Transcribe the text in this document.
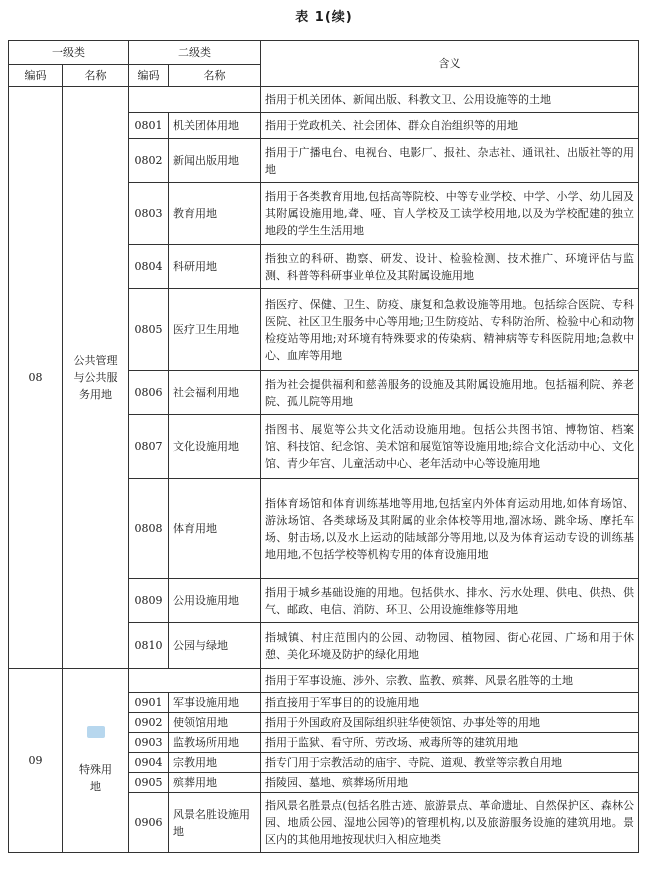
表 1(续)
一级类		二级类		含义
编码	名称	编码	名称	
08	公共管理与公共服务用地			指用于机关团体、新闻出版、科教文卫、公用设施等的土地
		0801	机关团体用地	指用于党政机关、社会团体、群众自治组织等的用地
		0802	新闻出版用地	指用于广播电台、电视台、电影厂、报社、杂志社、通讯社、出版社等的用地
		0803	教育用地	指用于各类教育用地,包括高等院校、中等专业学校、中学、小学、幼儿园及其附属设施用地,聋、哑、盲人学校及工读学校用地,以及为学校配建的独立地段的学生生活用地
		0804	科研用地	指独立的科研、勘察、研发、设计、检验检测、技术推广、环境评估与监测、科普等科研事业单位及其附属设施用地
		0805	医疗卫生用地	指医疗、保健、卫生、防疫、康复和急救设施等用地。包括综合医院、专科医院、社区卫生服务中心等用地;卫生防疫站、专科防治所、检验中心和动物检疫站等用地;对环境有特殊要求的传染病、精神病等专科医院用地;急救中心、血库等用地
		0806	社会福利用地	指为社会提供福利和慈善服务的设施及其附属设施用地。包括福利院、养老院、孤儿院等用地
		0807	文化设施用地	指图书、展览等公共文化活动设施用地。包括公共图书馆、博物馆、档案馆、科技馆、纪念馆、美术馆和展览馆等设施用地;综合文化活动中心、文化馆、青少年宫、儿童活动中心、老年活动中心等设施用地
		0808	体育用地	指体育场馆和体育训练基地等用地,包括室内外体育运动用地,如体育场馆、游泳场馆、各类球场及其附属的业余体校等用地,溜冰场、跳伞场、摩托车场、射击场,以及水上运动的陆域部分等用地,以及为体育运动专设的训练基地用地,不包括学校等机构专用的体育设施用地
		0809	公用设施用地	指用于城乡基础设施的用地。包括供水、排水、污水处理、供电、供热、供气、邮政、电信、消防、环卫、公用设施维修等用地
		0810	公园与绿地	指城镇、村庄范围内的公园、动物园、植物园、街心花园、广场和用于休憩、美化环境及防护的绿化用地
09	特殊用地			指用于军事设施、涉外、宗教、监教、殡葬、风景名胜等的土地
		0901	军事设施用地	指直接用于军事目的的设施用地
		0902	使领馆用地	指用于外国政府及国际组织驻华使领馆、办事处等的用地
		0903	监教场所用地	指用于监狱、看守所、劳改场、戒毒所等的建筑用地
		0904	宗教用地	指专门用于宗教活动的庙宇、寺院、道观、教堂等宗教自用地
		0905	殡葬用地	指陵园、墓地、殡葬场所用地
		0906	风景名胜设施用地	指风景名胜景点(包括名胜古迹、旅游景点、革命遗址、自然保护区、森林公园、地质公园、湿地公园等)的管理机构,以及旅游服务设施的建筑用地。景区内的其他用地按现状归入相应地类
